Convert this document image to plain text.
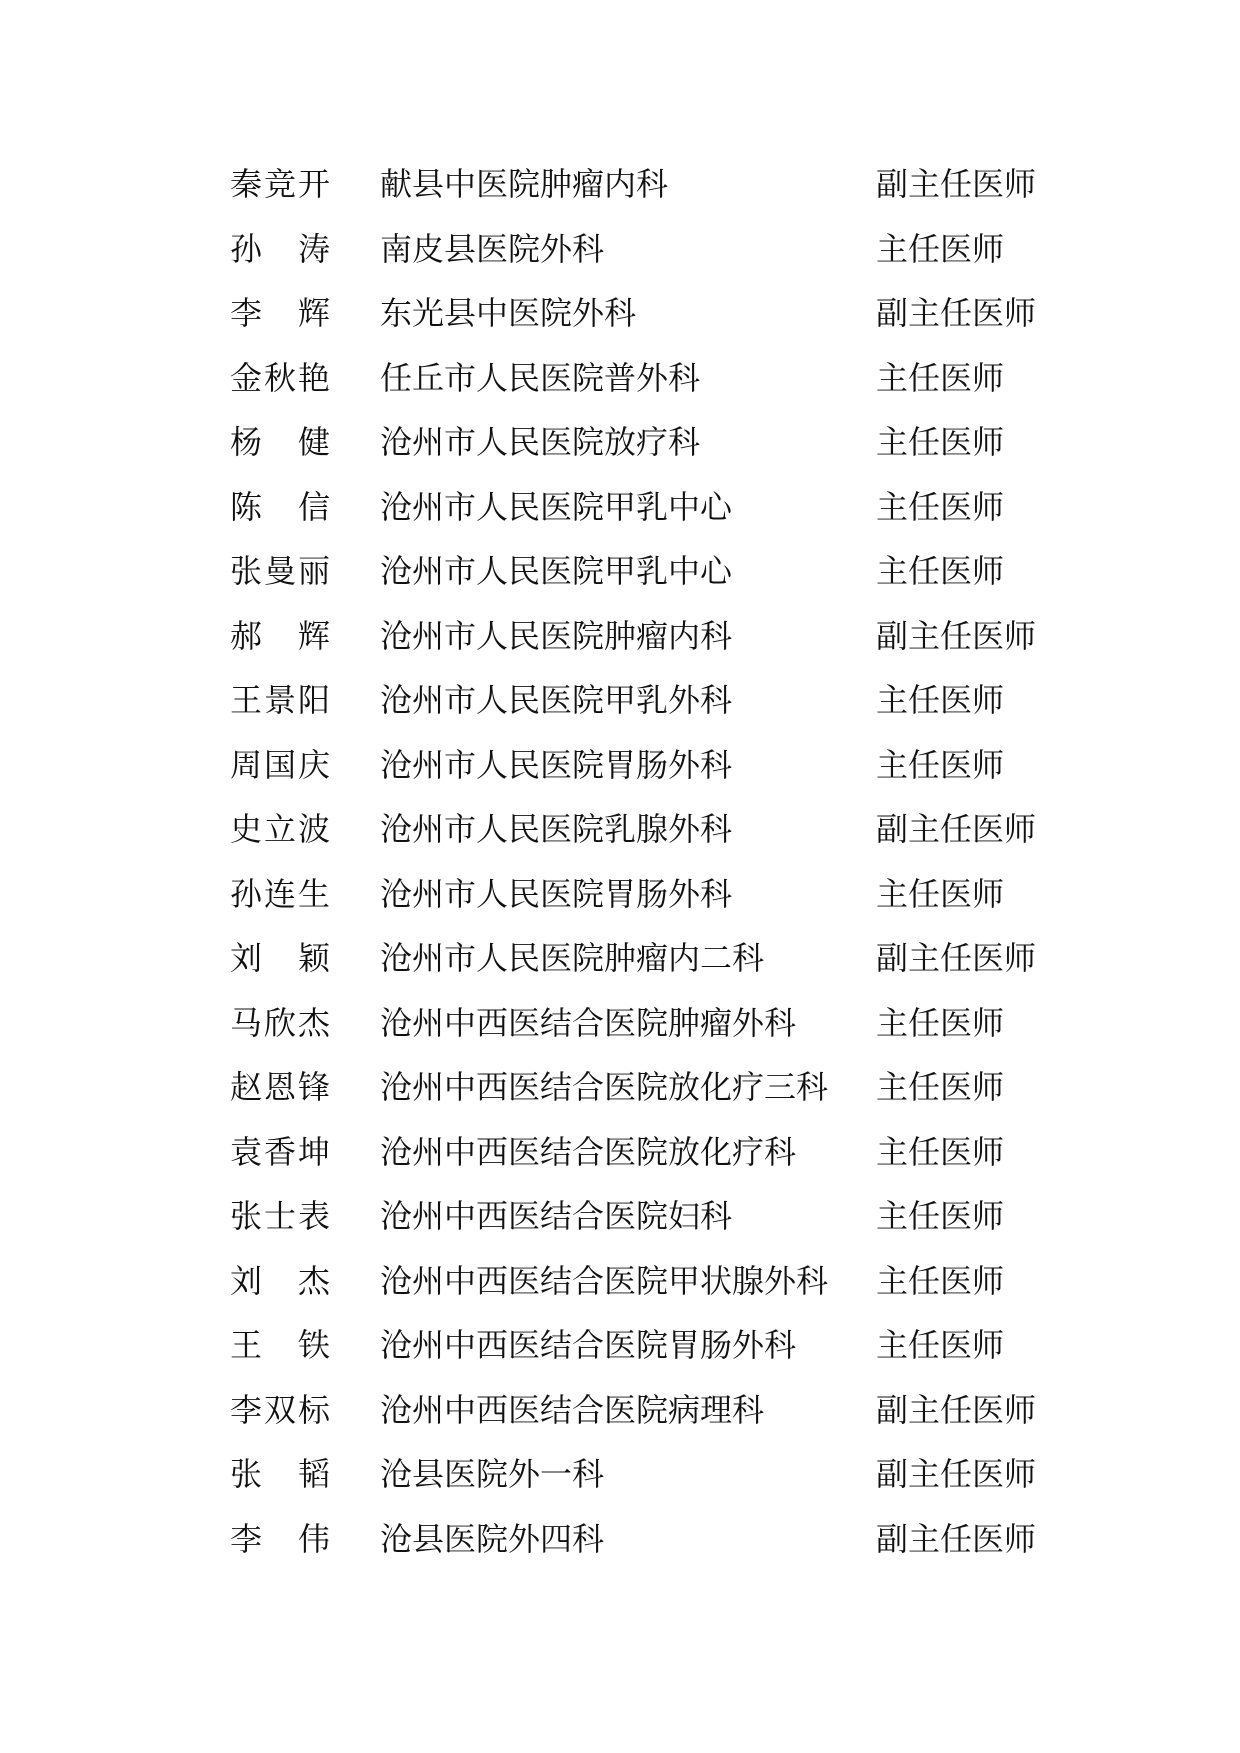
秦竞开 献县中医院肿瘤内科	副主任医师
孙 涛 南皮县医院外科	主任医师
李 辉 东光县中医院外科	副主任医师
金秋艳 任丘市人民医院普外科	主任医师
杨 健 沧州市人民医院放疗科	主任医师
陈 信 沧州市人民医院甲乳中心	主任医师
张曼丽 沧州市人民医院甲乳中心	主任医师
郝 辉 沧州市人民医院肿瘤内科	副主任医师
王景阳 沧州市人民医院甲乳外科	主任医师
周国庆 沧州市人民医院胃肠外科	主任医师
史立波 沧州市人民医院乳腺外科	副主任医师
孙连生 沧州市人民医院胃肠外科	主任医师
刘 颖 沧州市人民医院肿瘤内二科	副主任医师
马欣杰 沧州中西医结合医院肿瘤外科 主任医师
赵恩锋 沧州中西医结合医院放化疗三科 主任医师
袁香坤 沧州中西医结合医院放化疗科 主任医师
张士表 沧州中西医结合医院妇科	主任医师
刘 杰 沧州中西医结合医院甲状腺外科 主任医师
王 铁 沧州中西医结合医院胃肠外科 主任医师
李双标 沧州中西医结合医院病理科	副主任医师
张 韬 沧县医院外一科	副主任医师
李 伟 沧县医院外四科	副主任医师
